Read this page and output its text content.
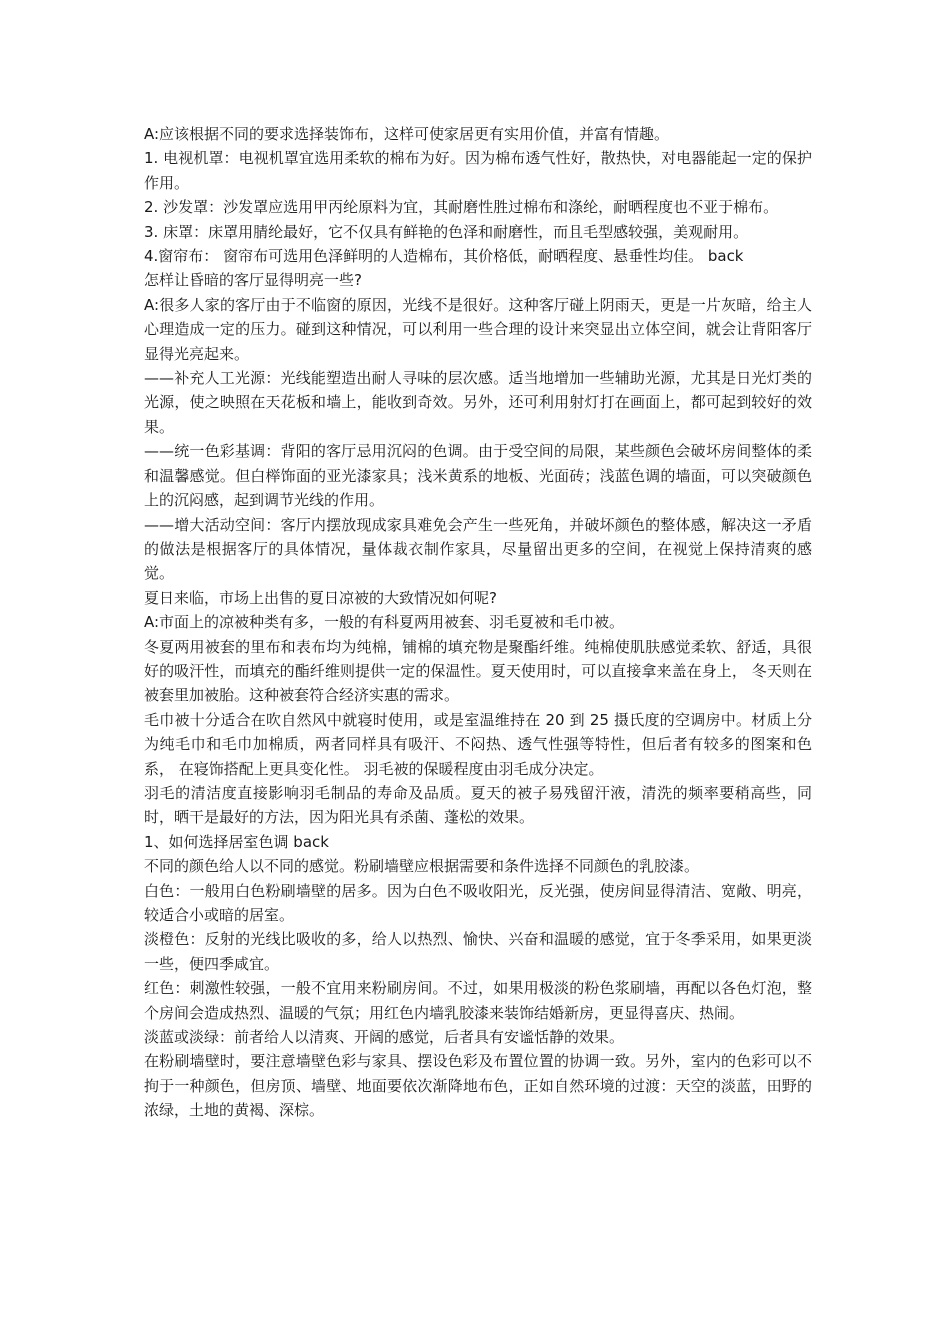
A:应该根据不同的要求选择装饰布，这样可使家居更有实用价值，并富有情趣。

1. 电视机罩：电视机罩宜选用柔软的棉布为好。因为棉布透气性好，散热快，对电器能起一定的保护作用。

2. 沙发罩：沙发罩应选用甲丙纶原料为宜，其耐磨性胜过棉布和涤纶，耐晒程度也不亚于棉布。

3. 床罩：床罩用腈纶最好，它不仅具有鲜艳的色泽和耐磨性，而且毛型感较强，美观耐用。

4.窗帘布： 窗帘布可选用色泽鲜明的人造棉布，其价格低，耐晒程度、悬垂性均佳。 back

怎样让昏暗的客厅显得明亮一些?

A:很多人家的客厅由于不临窗的原因，光线不是很好。这种客厅碰上阴雨天，更是一片灰暗，给主人心理造成一定的压力。碰到这种情况，可以利用一些合理的设计来突显出立体空间，就会让背阳客厅显得光亮起来。

——补充人工光源：光线能塑造出耐人寻味的层次感。适当地增加一些辅助光源，尤其是日光灯类的光源，使之映照在天花板和墙上，能收到奇效。另外，还可利用射灯打在画面上，都可起到较好的效果。

——统一色彩基调：背阳的客厅忌用沉闷的色调。由于受空间的局限，某些颜色会破坏房间整体的柔和温馨感觉。但白榉饰面的亚光漆家具；浅米黄系的地板、光面砖；浅蓝色调的墙面，可以突破颜色上的沉闷感，起到调节光线的作用。

——增大活动空间：客厅内摆放现成家具难免会产生一些死角，并破坏颜色的整体感，解决这一矛盾的做法是根据客厅的具体情况，量体裁衣制作家具，尽量留出更多的空间，在视觉上保持清爽的感觉。

夏日来临，市场上出售的夏日凉被的大致情况如何呢?

A:市面上的凉被种类有多，一般的有科夏两用被套、羽毛夏被和毛巾被。

冬夏两用被套的里布和表布均为纯棉，铺棉的填充物是聚酯纤维。纯棉使肌肤感觉柔软、舒适，具很好的吸汗性，而填充的酯纤维则提供一定的保温性。夏天使用时，可以直接拿来盖在身上， 冬天则在被套里加被胎。这种被套符合经济实惠的需求。

毛巾被十分适合在吹自然风中就寝时使用，或是室温维持在 20 到 25 摄氏度的空调房中。材质上分为纯毛巾和毛巾加棉质，两者同样具有吸汗、不闷热、透气性强等特性，但后者有较多的图案和色系， 在寝饰搭配上更具变化性。 羽毛被的保暖程度由羽毛成分决定。

羽毛的清洁度直接影响羽毛制品的寿命及品质。夏天的被子易残留汗液，清洗的频率要稍高些，同时，晒干是最好的方法，因为阳光具有杀菌、蓬松的效果。

1、如何选择居室色调 back

不同的颜色给人以不同的感觉。粉刷墙壁应根据需要和条件选择不同颜色的乳胶漆。

白色：一般用白色粉刷墙壁的居多。因为白色不吸收阳光，反光强，使房间显得清洁、宽敞、明亮，较适合小或暗的居室。

淡橙色：反射的光线比吸收的多，给人以热烈、愉快、兴奋和温暖的感觉，宜于冬季采用，如果更淡一些，便四季咸宜。

红色：刺激性较强，一般不宜用来粉刷房间。不过，如果用极淡的粉色浆刷墙，再配以各色灯泡，整个房间会造成热烈、温暖的气氛；用红色内墙乳胶漆来装饰结婚新房，更显得喜庆、热闹。

淡蓝或淡绿：前者给人以清爽、开阔的感觉，后者具有安谧恬静的效果。

在粉刷墙壁时，要注意墙壁色彩与家具、摆设色彩及布置位置的协调一致。另外，室内的色彩可以不拘于一种颜色，但房顶、墙壁、地面要依次渐降地布色，正如自然环境的过渡：天空的淡蓝，田野的浓绿，土地的黄褐、深棕。
